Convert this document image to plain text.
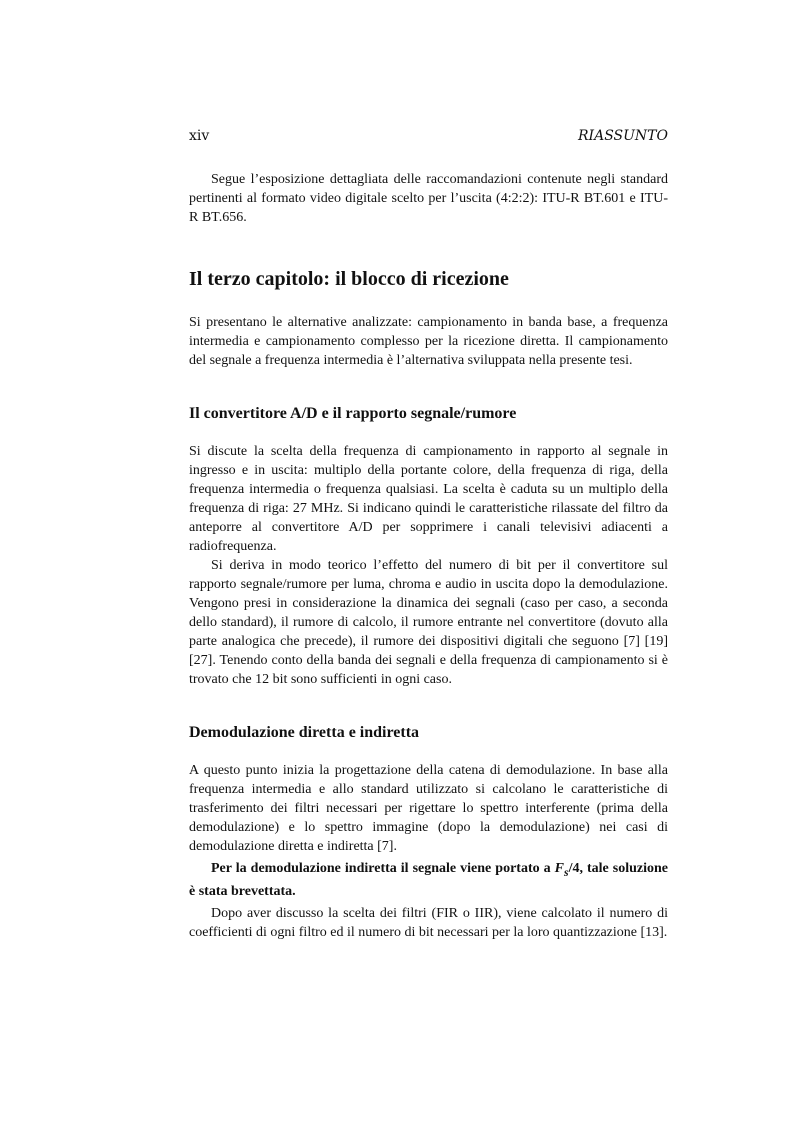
xiv	RIASSUNTO

Segue l’esposizione dettagliata delle raccomandazioni contenute negli standard pertinenti al formato video digitale scelto per l’uscita (4:2:2): ITU-R BT.601 e ITU-R BT.656.

Il terzo capitolo: il blocco di ricezione

Si presentano le alternative analizzate: campionamento in banda base, a frequenza intermedia e campionamento complesso per la ricezione diretta. Il campionamento del segnale a frequenza intermedia è l’alternativa sviluppata nella presente tesi.

Il convertitore A/D e il rapporto segnale/rumore

Si discute la scelta della frequenza di campionamento in rapporto al segnale in ingresso e in uscita: multiplo della portante colore, della frequenza di riga, della frequenza intermedia o frequenza qualsiasi. La scelta è caduta su un multiplo della frequenza di riga: 27 MHz. Si indicano quindi le caratteristiche rilassate del filtro da anteporre al convertitore A/D per sopprimere i canali televisivi adiacenti a radiofrequenza.

Si deriva in modo teorico l’effetto del numero di bit per il convertitore sul rapporto segnale/rumore per luma, chroma e audio in uscita dopo la demodulazione. Vengono presi in considerazione la dinamica dei segnali (caso per caso, a seconda dello standard), il rumore di calcolo, il rumore entrante nel convertitore (dovuto alla parte analogica che precede), il rumore dei dispositivi digitali che seguono [7] [19] [27]. Tenendo conto della banda dei segnali e della frequenza di campionamento si è trovato che 12 bit sono sufficienti in ogni caso.

Demodulazione diretta e indiretta

A questo punto inizia la progettazione della catena di demodulazione. In base alla frequenza intermedia e allo standard utilizzato si calcolano le caratteristiche di trasferimento dei filtri necessari per rigettare lo spettro interferente (prima della demodulazione) e lo spettro immagine (dopo la demodulazione) nei casi di demodulazione diretta e indiretta [7].

Per la demodulazione indiretta il segnale viene portato a $F_s/4$, tale soluzione è stata brevettata.

Dopo aver discusso la scelta dei filtri (FIR o IIR), viene calcolato il numero di coefficienti di ogni filtro ed il numero di bit necessari per la loro quantizzazione [13].
